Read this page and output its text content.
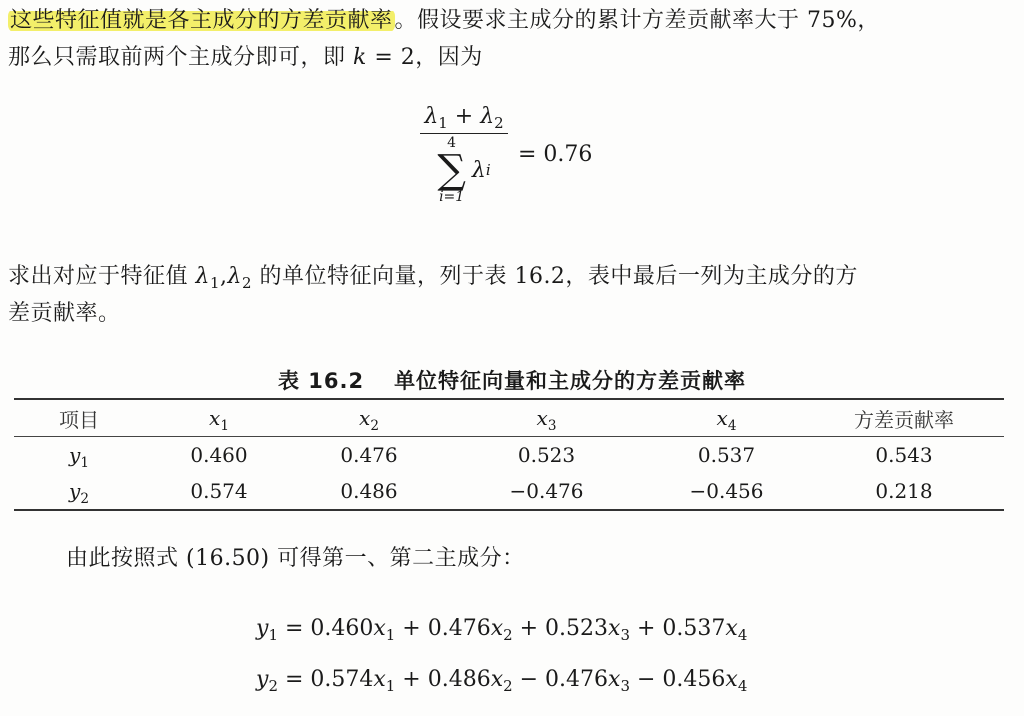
这些特征值就是各主成分的方差贡献率。假设要求主成分的累计方差贡献率大于 75%，
那么只需取前两个主成分即可，即 k = 2，因为
$\lambda_1 + \lambda_2$
4
∑
i=1
λ i = 0.76
求出对应于特征值 $\lambda_1,\lambda_2$ 的单位特征向量，列于表 16.2，表中最后一列为主成分的方
差贡献率。
表 16.2 单位特征向量和主成分的方差贡献率
项目	$x_1$	$x_2$	$x_3$	$x_4$	方差贡献率
$y_1$	0.460	0.476	0.523	0.537	0.543
$y_2$	0.574	0.486	−0.476	−0.456	0.218
由此按照式 (16.50) 可得第一、第二主成分：
$y_1 = 0.460x_1 + 0.476x_2 + 0.523x_3 + 0.537x_4$
$y_2 = 0.574x_1 + 0.486x_2 - 0.476x_3 - 0.456x_4$
